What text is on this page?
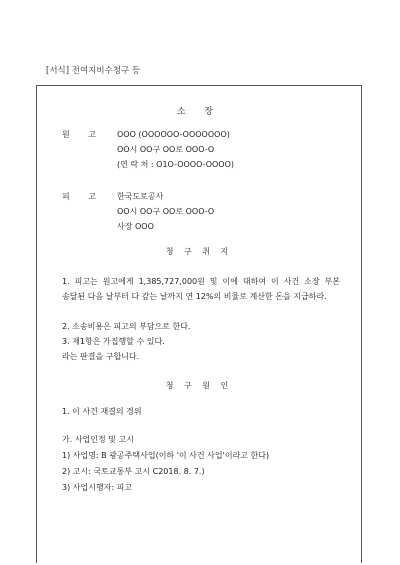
[서식] 전여지비수청구 등
소 장
원 고 OOO (OOOOOO-OOOOOOO)
OO시 OO구 OO로 OOO-O
(연 락 처 : O1O-OOOO-OOOO)
피 고 한국도로공사
OO시 OO구 OO로 OOO-O
사장 OOO
청 구 취 지
1. 피고는 원고에게 1,385,727,000원 및 이에 대하여 이 사건 소장 부본 송달된 다음 날부터 다 갚는 날까지 연 12%의 비율로 계산한 돈을 지급하라.
2. 소송비용은 피고의 부담으로 한다.
3. 제1항은 가집행할 수 있다.
라는 판결을 구합니다.
청 구 원 인
1. 이 사건 재결의 경위
가. 사업인정 및 고시
1) 사업명: B 광공주택사업(이하 '이 사건 사업'이라고 한다)
2) 고시: 국토교통부 고시 C2018. 8. 7.)
3) 사업시행자: 피고
